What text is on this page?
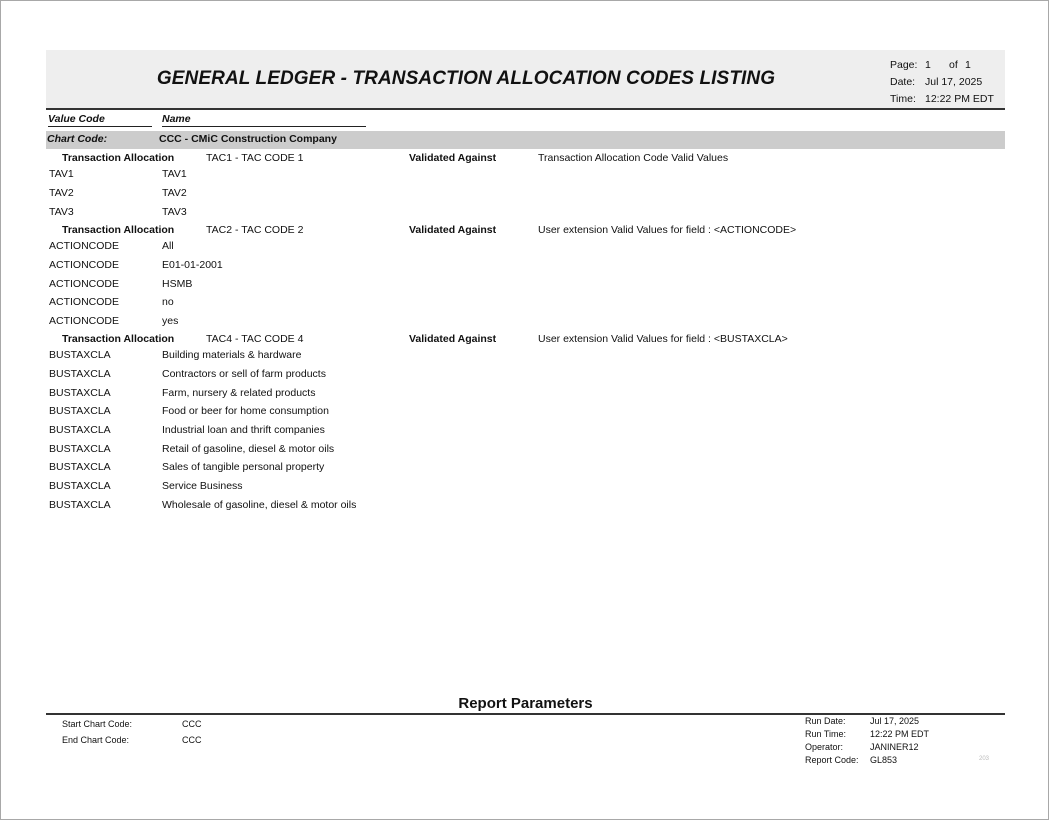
GENERAL LEDGER - TRANSACTION ALLOCATION CODES LISTING
Page: 1	of 1
Date: Jul 17, 2025
Time: 12:22 PM EDT
Value Code	Name
Chart Code:	CCC - CMiC Construction Company
Transaction Allocation	TAC1 - TAC CODE 1	Validated Against	Transaction Allocation Code Valid Values
TAV1	TAV1
TAV2	TAV2
TAV3	TAV3
Transaction Allocation	TAC2 - TAC CODE 2	Validated Against	User extension Valid Values for field : <ACTIONCODE>
ACTIONCODE	All
ACTIONCODE	E01-01-2001
ACTIONCODE	HSMB
ACTIONCODE	no
ACTIONCODE	yes
Transaction Allocation	TAC4 - TAC CODE 4	Validated Against	User extension Valid Values for field : <BUSTAXCLA>
BUSTAXCLA	Building materials & hardware
BUSTAXCLA	Contractors or sell of farm products
BUSTAXCLA	Farm, nursery & related products
BUSTAXCLA	Food or beer for home consumption
BUSTAXCLA	Industrial loan and thrift companies
BUSTAXCLA	Retail of gasoline, diesel & motor oils
BUSTAXCLA	Sales of tangible personal property
BUSTAXCLA	Service Business
BUSTAXCLA	Wholesale of gasoline, diesel & motor oils
Report Parameters
Start Chart Code:	CCC
End Chart Code:	CCC
Run Date:	Jul 17, 2025
Run Time:	12:22 PM EDT
Operator:	JANINER12
Report Code: GL853	203
